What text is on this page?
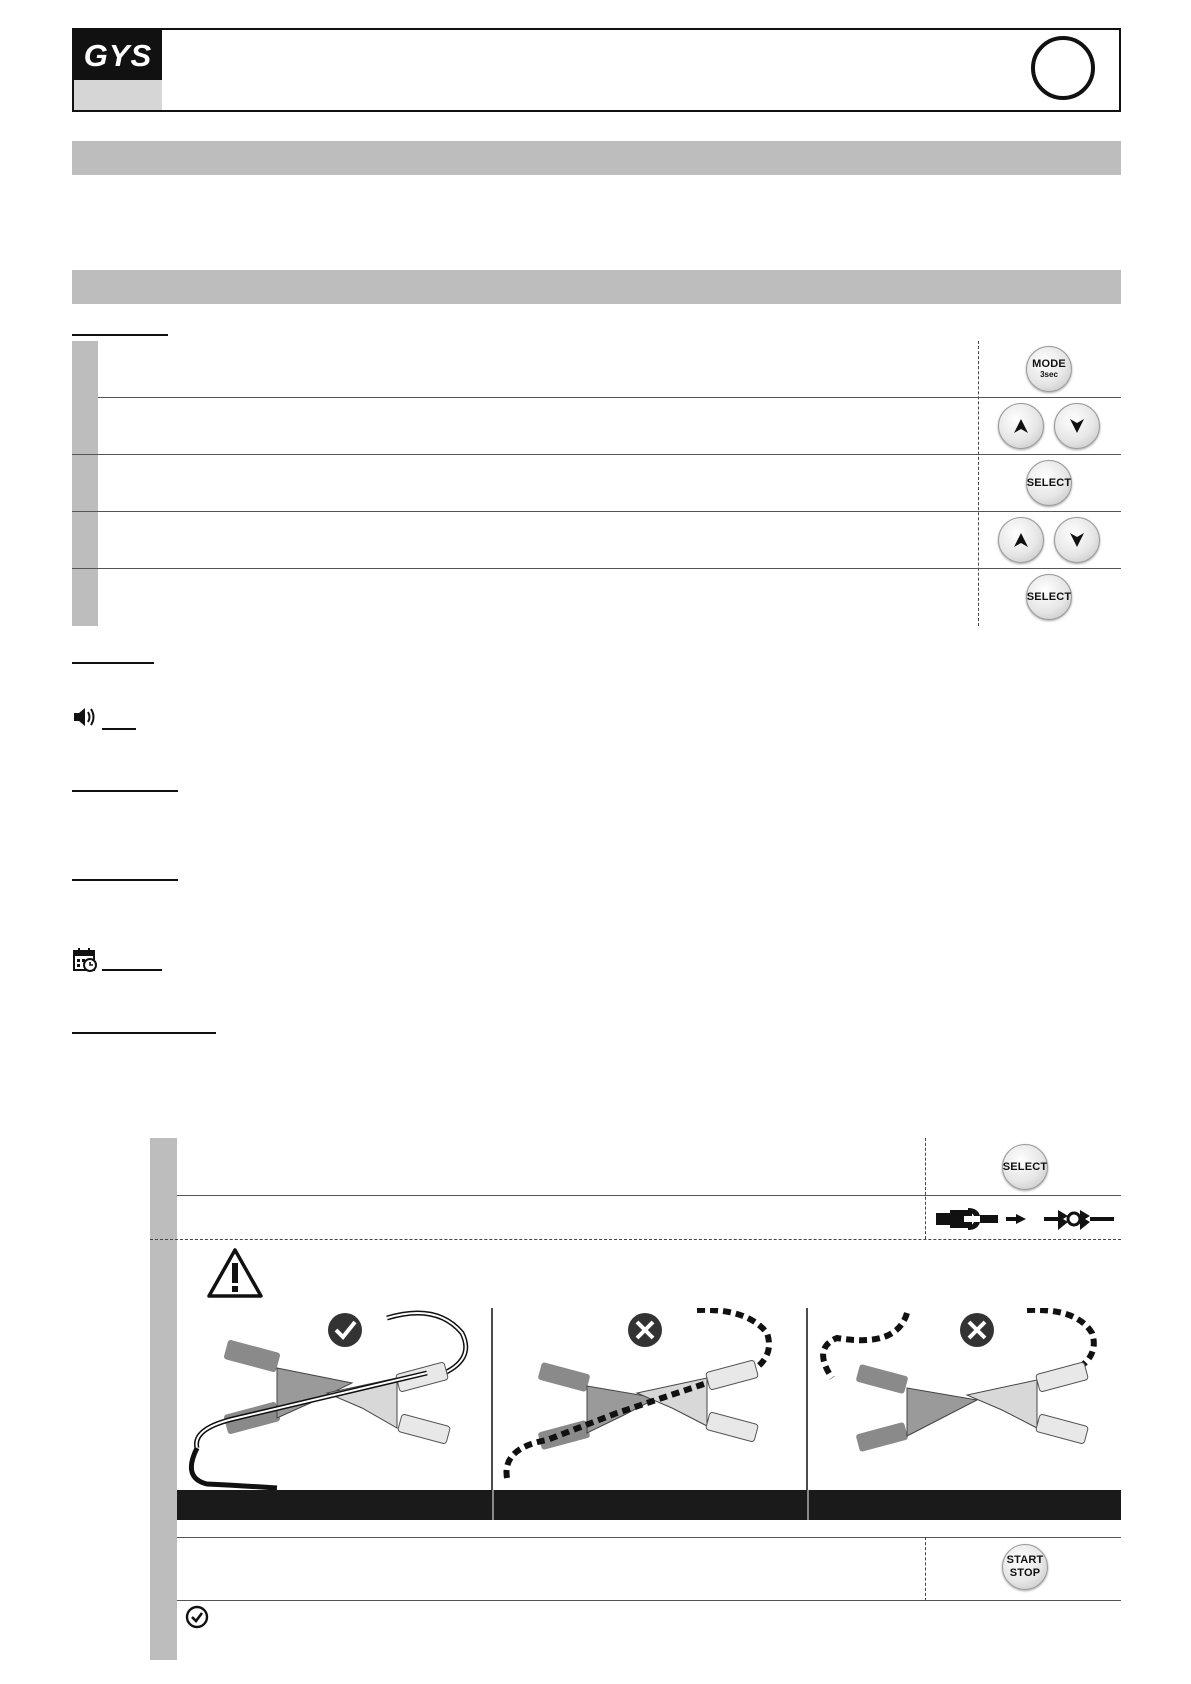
GYS
MODE
3sec
SELECT
SELECT
SELECT
START
STOP
